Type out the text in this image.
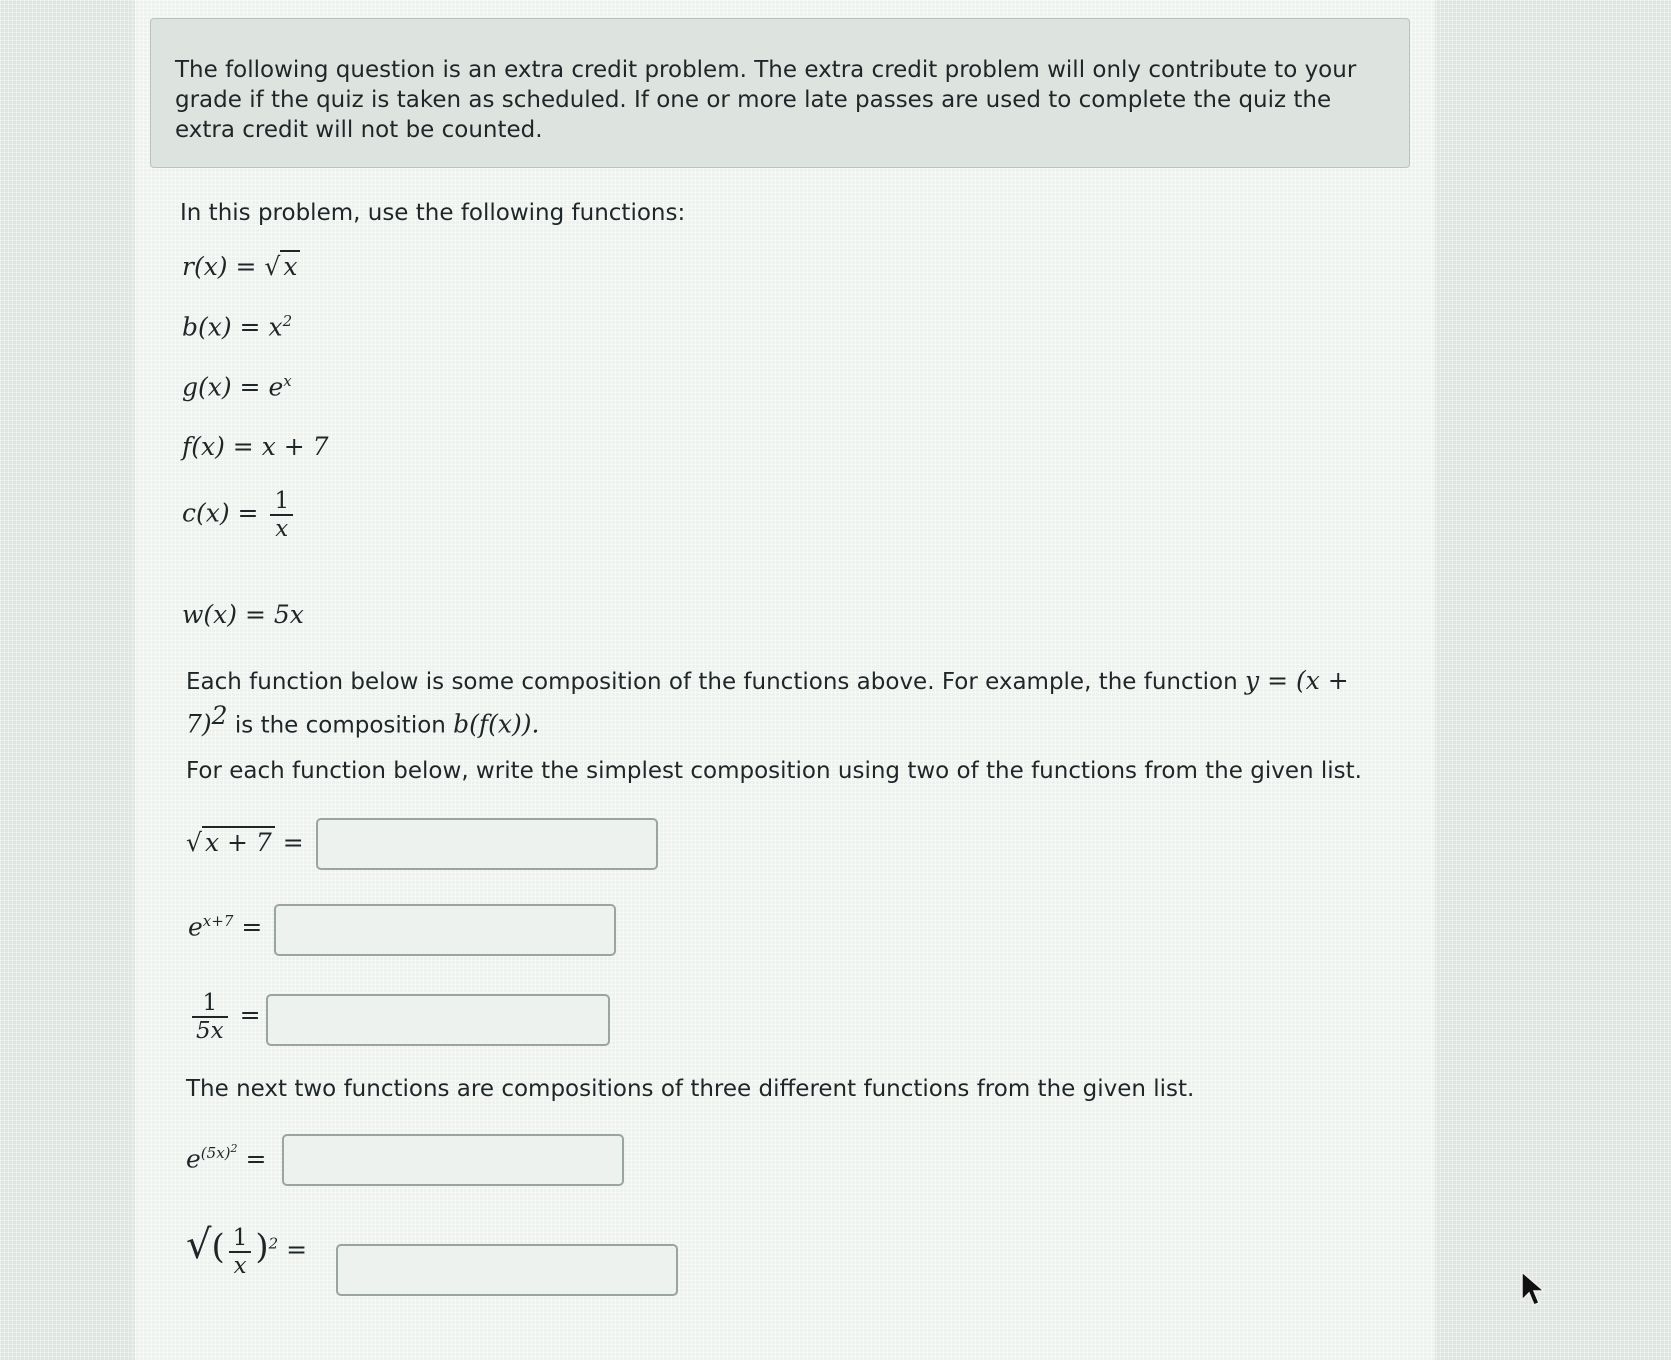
The following question is an extra credit problem. The extra credit problem will only contribute to your grade if the quiz is taken as scheduled. If one or more late passes are used to complete the quiz the extra credit will not be counted.
In this problem, use the following functions:
r(x) = √ x
$b(x) = x^2$
$g(x) = e^x$
f(x) = x + 7
$c(x) = \frac{1}{x}$
w(x) = 5x
Each function below is some composition of the functions above. For example, the function $y = (x + 7)^2$ is the composition b(f(x)).
For each function below, write the simplest composition using two of the functions from the given list.
√ x + 7 =
$e^{x+7}$ =
$\frac{1}{5x}$ =
The next two functions are compositions of three different functions from the given list.
$e^{(5x)^2}$ =
√( $\frac{1}{x} )^2$ =
